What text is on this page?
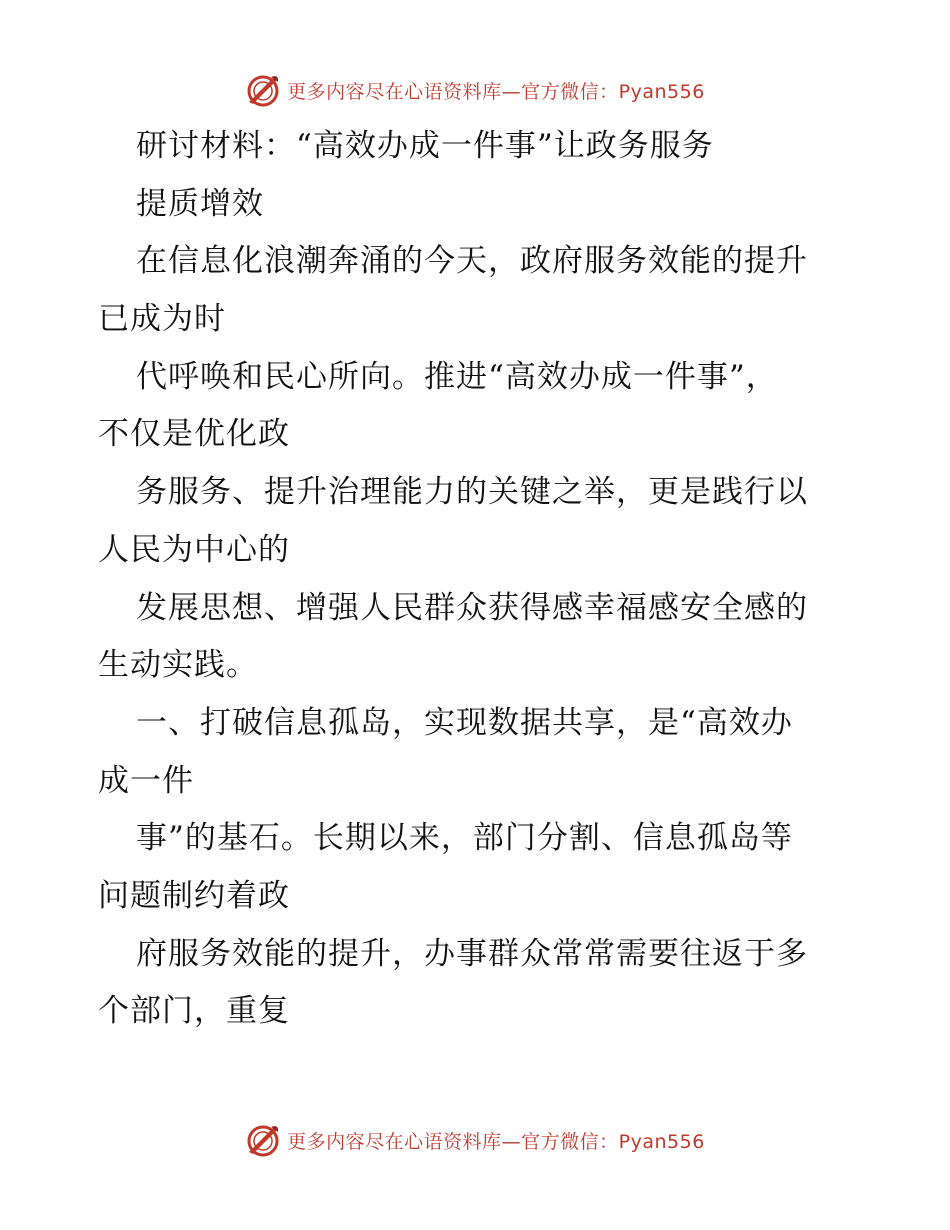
更多内容尽在心语资料库—官方微信：Pyan556
研讨材料：“高效办成一件事”让政务服务
提质增效
在信息化浪潮奔涌的今天，政府服务效能的提升
已成为时
代呼唤和民心所向。推进“高效办成一件事”，
不仅是优化政
务服务、提升治理能力的关键之举，更是践行以
人民为中心的
发展思想、增强人民群众获得感幸福感安全感的
生动实践。
一、打破信息孤岛，实现数据共享，是“高效办
成一件
事”的基石。长期以来，部门分割、信息孤岛等
问题制约着政
府服务效能的提升，办事群众常常需要往返于多
个部门，重复
更多内容尽在心语资料库—官方微信：Pyan556
